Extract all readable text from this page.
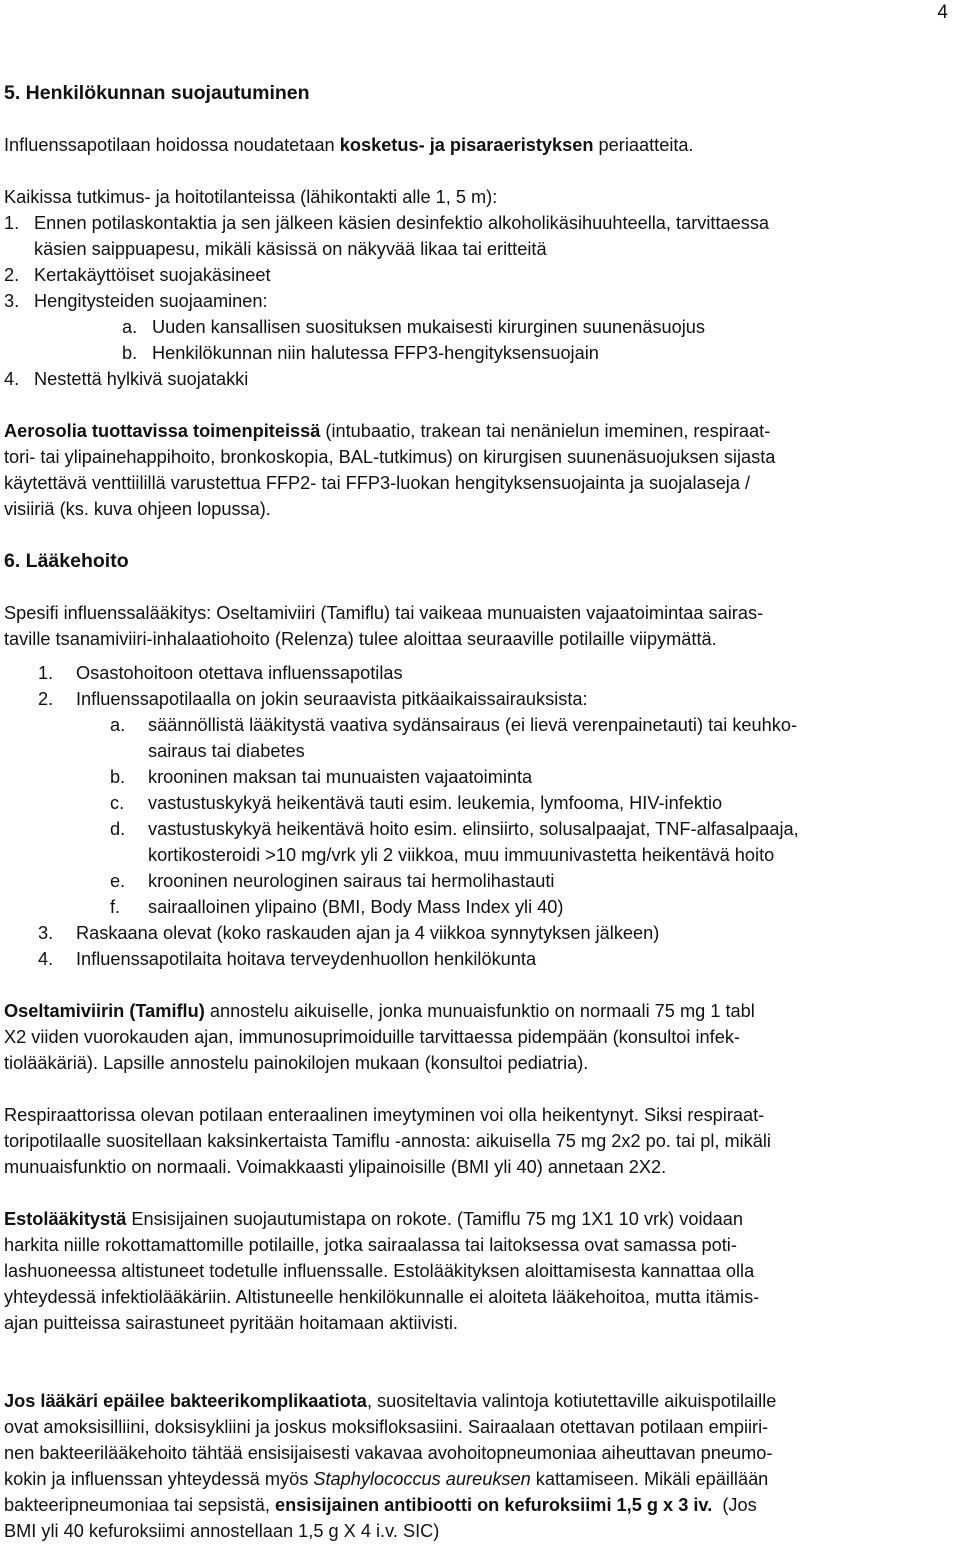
4
5. Henkilökunnan suojautuminen

Influenssapotilaan hoidossa noudatetaan kosketus- ja pisaraeristyksen periaatteita.

Kaikissa tutkimus- ja hoitotilanteissa (lähikontakti alle 1, 5 m):

1. Ennen potilaskontaktia ja sen jälkeen käsien desinfektio alkoholikäsihuuhteella, tarvittaessa
käsien saippuapesu, mikäli käsissä on näkyvää likaa tai eritteitä
2. Kertakäyttöiset suojakäsineet
3. Hengitysteiden suojaaminen:
a. Uuden kansallisen suosituksen mukaisesti kirurginen suunenäsuojus
b. Henkilökunnan niin halutessa FFP3-hengityksensuojain
4. Nestettä hylkivä suojatakki
Aerosolia tuottavissa toimenpiteissä (intubaatio, trakean tai nenänielun imeminen, respiraat-
tori- tai ylipainehappihoito, bronkoskopia, BAL-tutkimus) on kirurgisen suunenäsuojuksen sijasta
käytettävä venttiilillä varustettua FFP2- tai FFP3-luokan hengityksensuojainta ja suojalaseja /
visiiriä (ks. kuva ohjeen lopussa).
6. Lääkehoito
Spesifi influenssalääkitys: Oseltamiviiri (Tamiflu) tai vaikeaa munuaisten vajaatoimintaa sairas-
taville tsanamiviiri-inhalaatiohoito (Relenza) tulee aloittaa seuraaville potilaille viipymättä.
1.	Osastohoitoon otettava influenssapotilas
2.	Influenssapotilaalla on jokin seuraavista pitkäaikaissairauksista:
a.	säännöllistä lääkitystä vaativa sydänsairaus (ei lievä verenpainetauti) tai keuhko-
sairaus tai diabetes
b.	krooninen maksan tai munuaisten vajaatoiminta
c.	vastustuskykyä heikentävä tauti esim. leukemia, lymfooma, HIV-infektio
d.	vastustuskykyä heikentävä hoito esim. elinsiirto, solusalpaajat, TNF-alfasalpaaja,
kortikosteroidi >10 mg/vrk yli 2 viikkoa, muu immuunivastetta heikentävä hoito
e.	krooninen neurologinen sairaus tai hermolihastauti
f.	sairaalloinen ylipaino (BMI, Body Mass Index yli 40)
3.	Raskaana olevat (koko raskauden ajan ja 4 viikkoa synnytyksen jälkeen)
4.	Influenssapotilaita hoitava terveydenhuollon henkilökunta
Oseltamiviirin (Tamiflu) annostelu aikuiselle, jonka munuaisfunktio on normaali 75 mg 1 tabl
X2 viiden vuorokauden ajan, immunosuprimoiduille tarvittaessa pidempään (konsultoi infek-
tiolääkäriä). Lapsille annostelu painokilojen mukaan (konsultoi pediatria).
Respiraattorissa olevan potilaan enteraalinen imeytyminen voi olla heikentynyt. Siksi respiraat-
toripotilaalle suositellaan kaksinkertaista Tamiflu -annosta: aikuisella 75 mg 2x2 po. tai pl, mikäli
munuaisfunktio on normaali. Voimakkaasti ylipainoisille (BMI yli 40) annetaan 2X2.
Estolääkitystä Ensisijainen suojautumistapa on rokote. (Tamiflu 75 mg 1X1 10 vrk) voidaan
harkita niille rokottamattomille potilaille, jotka sairaalassa tai laitoksessa ovat samassa poti-
lashuoneessa altistuneet todetulle influenssalle. Estolääkityksen aloittamisesta kannattaa olla
yhteydessä infektiolääkäriin. Altistuneelle henkilökunnalle ei aloiteta lääkehoitoa, mutta itämis-
ajan puitteissa sairastuneet pyritään hoitamaan aktiivisti.
Jos lääkäri epäilee bakteerikomplikaatiota, suositeltavia valintoja kotiutettaville aikuispotilaille
ovat amoksisilliini, doksisykliini ja joskus moksifloksasiini. Sairaalaan otettavan potilaan empiiri-
nen bakteerilääkehoito tähtää ensisijaisesti vakavaa avohoitopneumoniaa aiheuttavan pneumo-
kokin ja influenssan yhteydessä myös Staphylococcus aureuksen kattamiseen. Mikäli epäillään
bakteeripneumoniaa tai sepsistä, ensisijainen antibiootti on kefuroksiimi 1,5 g x 3 iv.  (Jos
BMI yli 40 kefuroksiimi annostellaan 1,5 g X 4 i.v. SIC)
